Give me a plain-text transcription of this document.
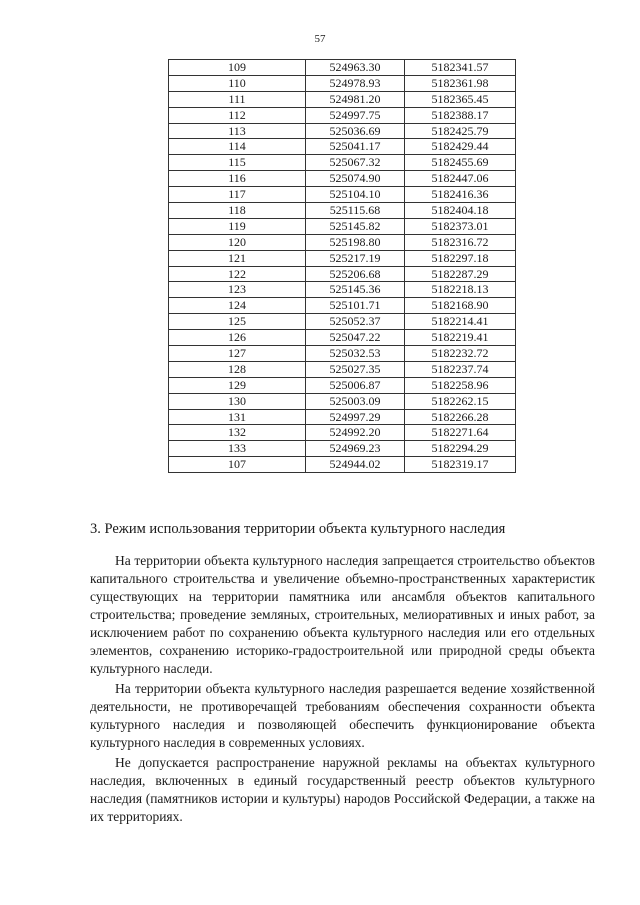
57
109	524963.30	5182341.57
110	524978.93	5182361.98
111	524981.20	5182365.45
112	524997.75	5182388.17
113	525036.69	5182425.79
114	525041.17	5182429.44
115	525067.32	5182455.69
116	525074.90	5182447.06
117	525104.10	5182416.36
118	525115.68	5182404.18
119	525145.82	5182373.01
120	525198.80	5182316.72
121	525217.19	5182297.18
122	525206.68	5182287.29
123	525145.36	5182218.13
124	525101.71	5182168.90
125	525052.37	5182214.41
126	525047.22	5182219.41
127	525032.53	5182232.72
128	525027.35	5182237.74
129	525006.87	5182258.96
130	525003.09	5182262.15
131	524997.29	5182266.28
132	524992.20	5182271.64
133	524969.23	5182294.29
107	524944.02	5182319.17
3. Режим использования территории объекта культурного наследия

На территории объекта культурного наследия запрещается строительство объектов капитального строительства и увеличение объемно-пространственных характеристик существующих на территории памятника или ансамбля объектов капитального строительства; проведение земляных, строительных, мелиоративных и иных работ, за исключением работ по сохранению объекта культурного наследия или его отдельных элементов, сохранению историко-градостроительной или природной среды объекта культурного наследи.

На территории объекта культурного наследия разрешается ведение хозяйственной деятельности, не противоречащей требованиям обеспечения сохранности объекта культурного наследия и позволяющей обеспечить функционирование объекта культурного наследия в современных условиях.

Не допускается распространение наружной рекламы на объектах культурного наследия, включенных в единый государственный реестр объектов культурного наследия (памятников истории и культуры) народов Российской Федерации, а также на их территориях.
